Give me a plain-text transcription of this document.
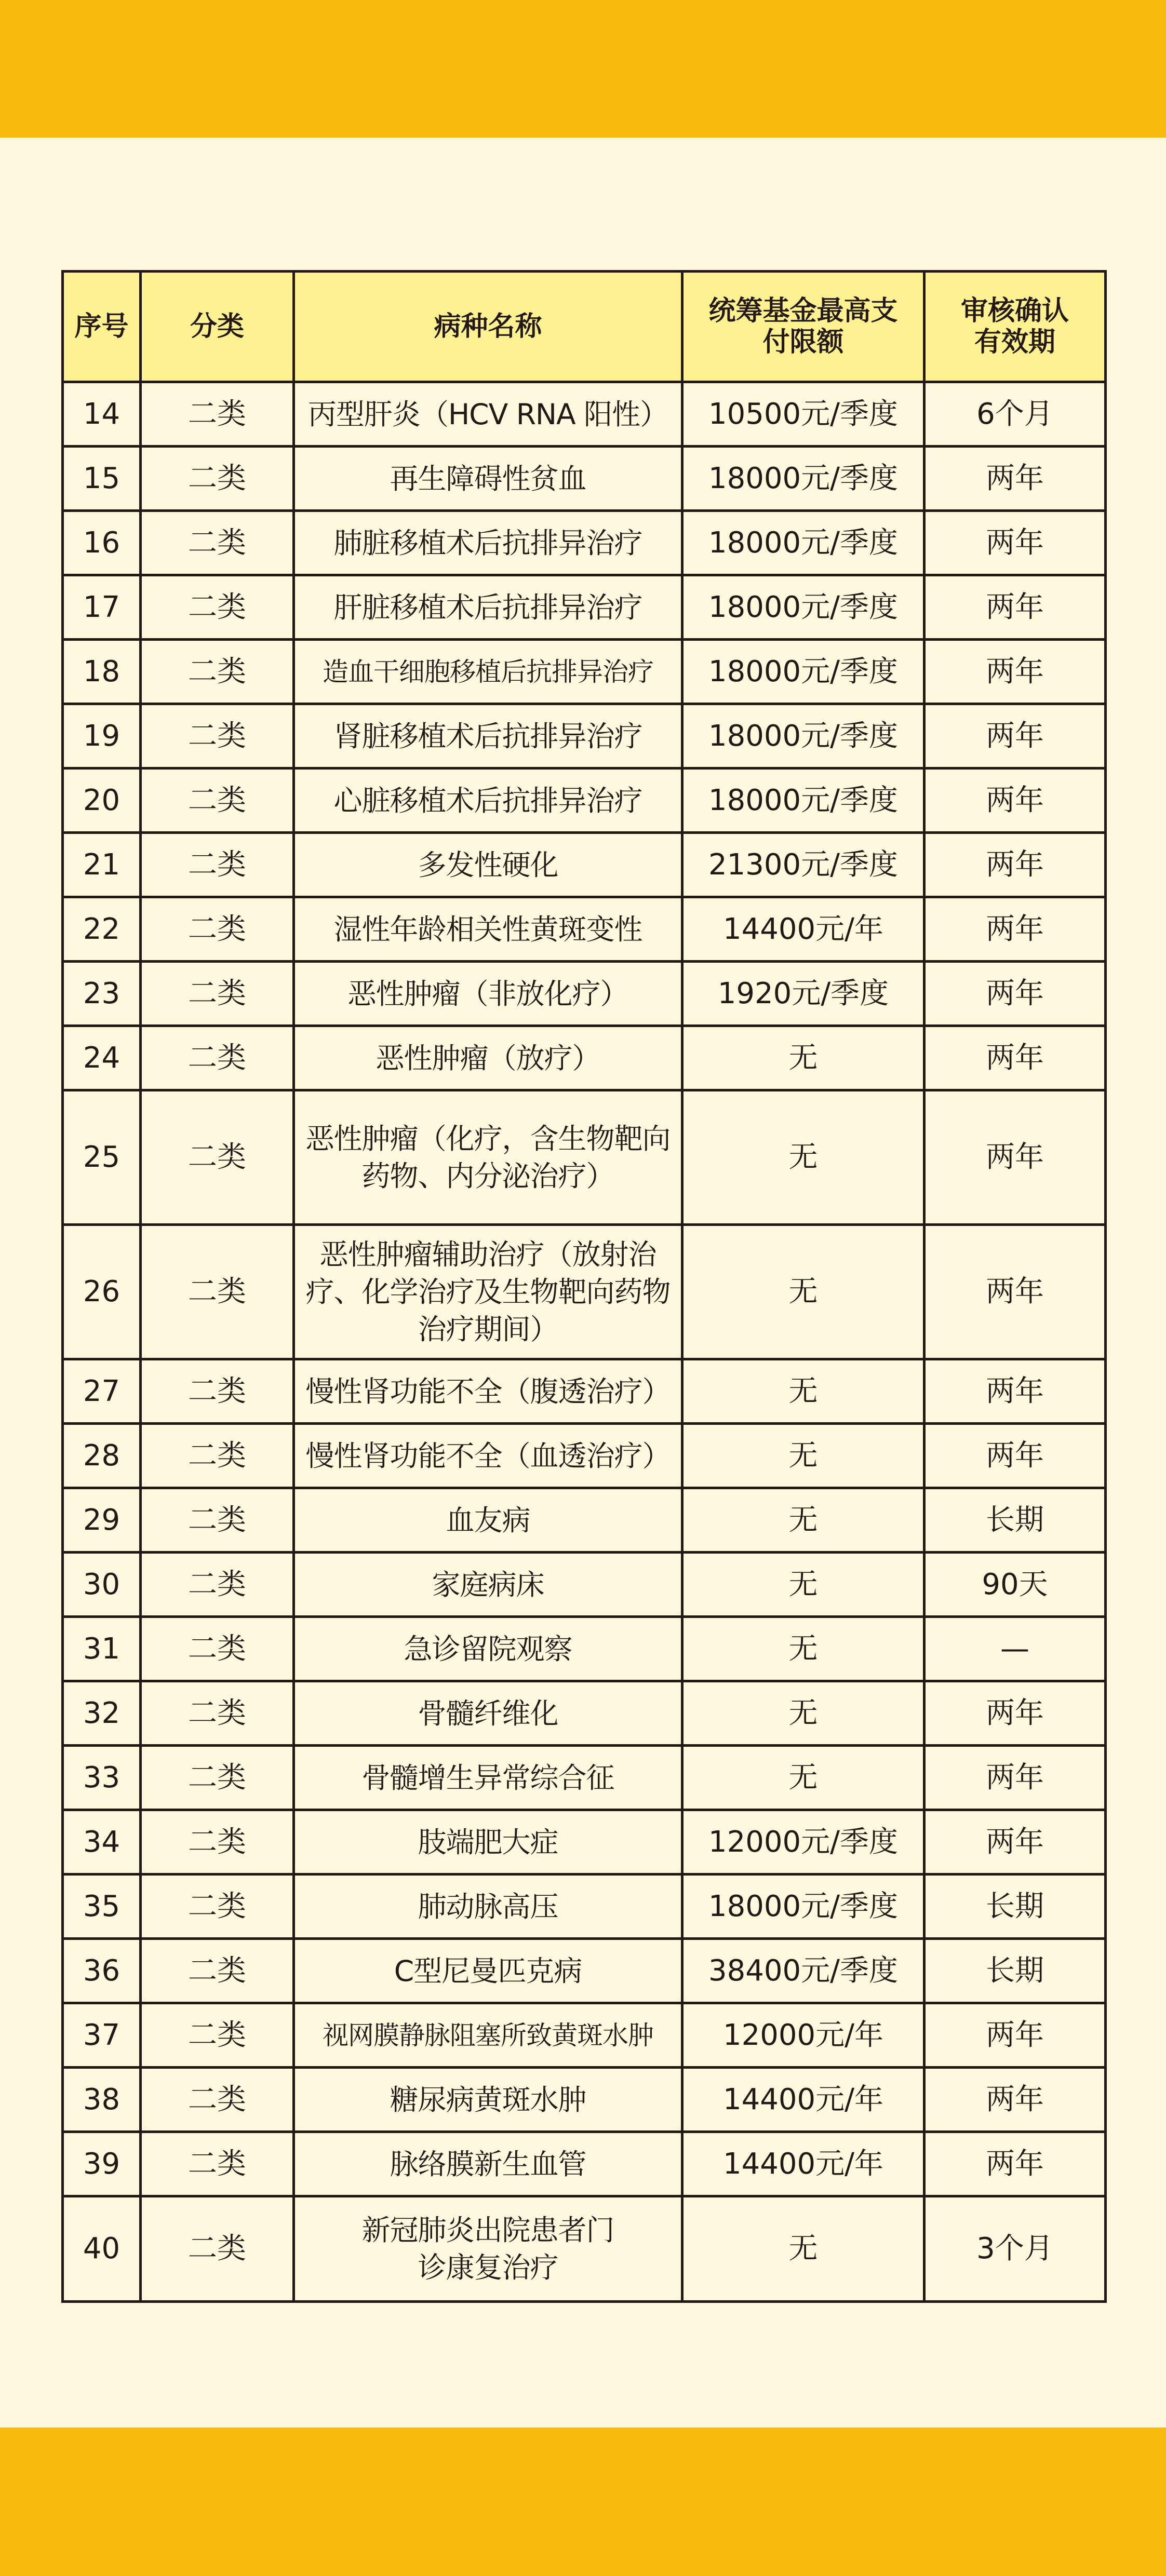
序号	分类	病种名称	统筹基金最高支付限额	审核确认有效期
14	二类	丙型肝炎（HCV RNA 阳性）	10500元/季度	6个月
15	二类	再生障碍性贫血	18000元/季度	两年
16	二类	肺脏移植术后抗排异治疗	18000元/季度	两年
17	二类	肝脏移植术后抗排异治疗	18000元/季度	两年
18	二类	造血干细胞移植后抗排异治疗	18000元/季度	两年
19	二类	肾脏移植术后抗排异治疗	18000元/季度	两年
20	二类	心脏移植术后抗排异治疗	18000元/季度	两年
21	二类	多发性硬化	21300元/季度	两年
22	二类	湿性年龄相关性黄斑变性	14400元/年	两年
23	二类	恶性肿瘤（非放化疗）	1920元/季度	两年
24	二类	恶性肿瘤（放疗）	无	两年
25	二类	恶性肿瘤（化疗，含生物靶向药物、内分泌治疗）	无	两年
26	二类	恶性肿瘤辅助治疗（放射治疗、化学治疗及生物靶向药物治疗期间）	无	两年
27	二类	慢性肾功能不全（腹透治疗）	无	两年
28	二类	慢性肾功能不全（血透治疗）	无	两年
29	二类	血友病	无	长期
30	二类	家庭病床	无	90天
31	二类	急诊留院观察	无	—
32	二类	骨髓纤维化	无	两年
33	二类	骨髓增生异常综合征	无	两年
34	二类	肢端肥大症	12000元/季度	两年
35	二类	肺动脉高压	18000元/季度	长期
36	二类	C型尼曼匹克病	38400元/季度	长期
37	二类	视网膜静脉阻塞所致黄斑水肿	12000元/年	两年
38	二类	糖尿病黄斑水肿	14400元/年	两年
39	二类	脉络膜新生血管	14400元/年	两年
40	二类	新冠肺炎出院患者门诊康复治疗	无	3个月
